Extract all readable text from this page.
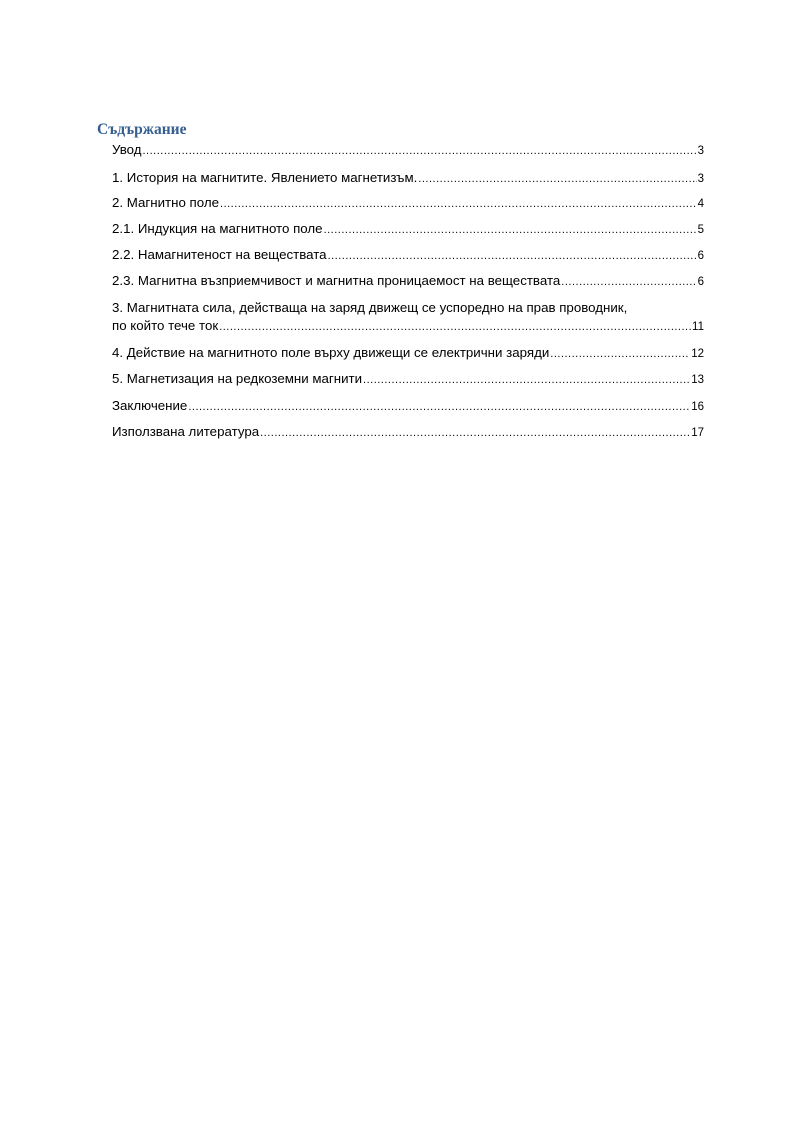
Съдържание
Увод .....	3
1. История на магнитите. Явлението магнетизъм. .....	3
2. Магнитно поле .....	4
2.1. Индукция на магнитното поле .....	5
2.2. Намагнитеност на веществата .....	6
2.3. Магнитна възприемчивост и магнитна проницаемост на веществата .....	6
3. Магнитната сила, действаща на заряд движещ се успоредно на прав проводник,
по който тече ток .....	11
4. Действие на магнитното поле върху движещи се електрични заряди .....	12
5. Магнетизация на редкоземни магнити .....	13
Заключение .....	16
Използвана литература .....	17
